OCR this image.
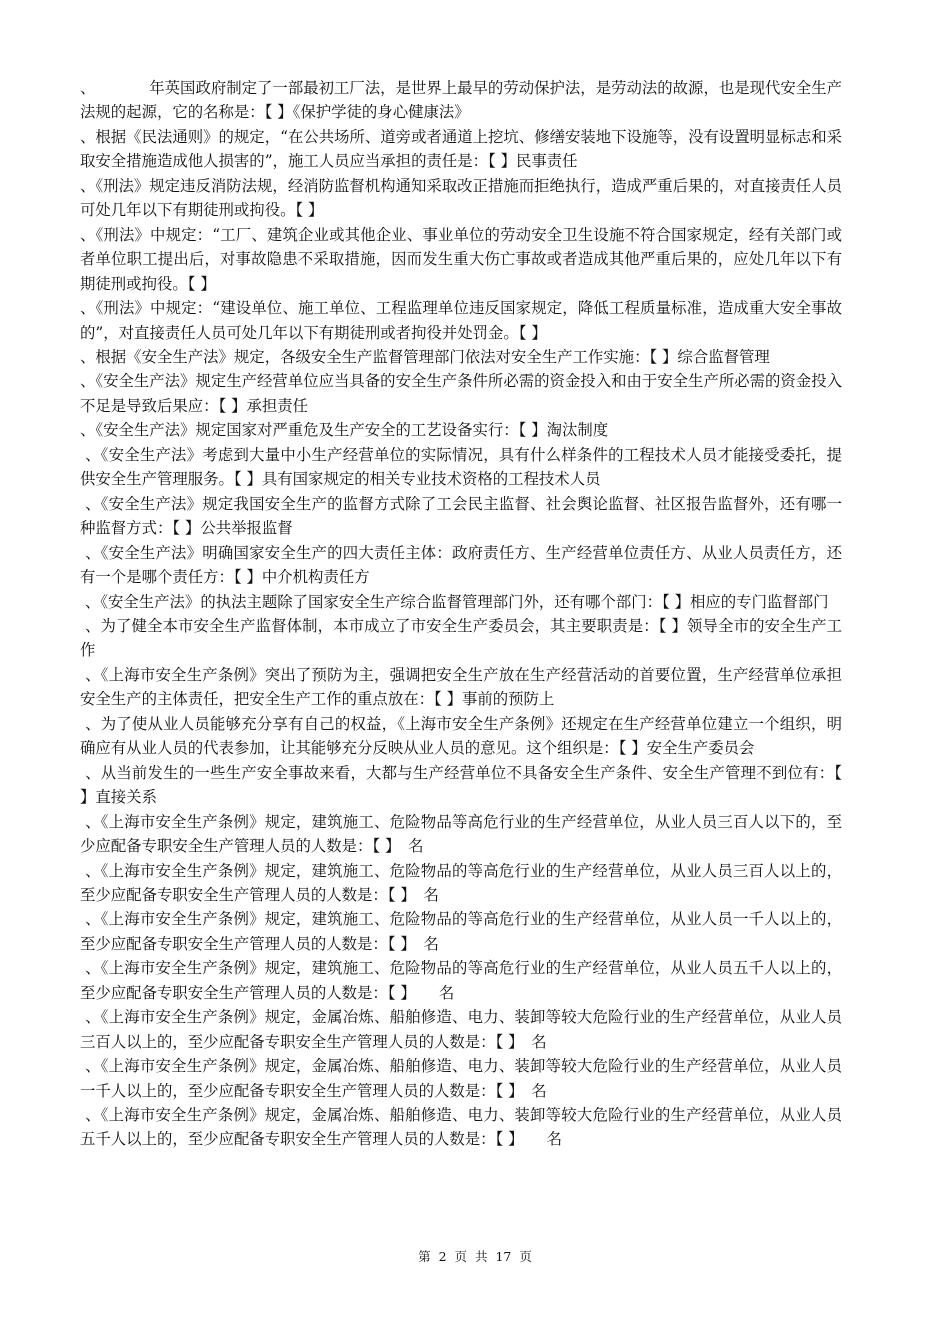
、　　　　年英国政府制定了一部最初工厂法，是世界上最早的劳动保护法，是劳动法的故源，也是现代安全生产法规的起源，它的名称是：【 】《保护学徒的身心健康法》

、根据《民法通则》的规定，“在公共场所、道旁或者通道上挖坑、修缮安装地下设施等，没有设置明显标志和采取安全措施造成他人损害的”，施工人员应当承担的责任是：【 】民事责任

、《刑法》规定违反消防法规，经消防监督机构通知采取改正措施而拒绝执行，造成严重后果的，对直接责任人员可处几年以下有期徒刑或拘役。【 】

、《刑法》中规定：“工厂、建筑企业或其他企业、事业单位的劳动安全卫生设施不符合国家规定，经有关部门或者单位职工提出后，对事故隐患不采取措施，因而发生重大伤亡事故或者造成其他严重后果的，应处几年以下有期徒刑或拘役。【 】

、《刑法》中规定：“建设单位、施工单位、工程监理单位违反国家规定，降低工程质量标准，造成重大安全事故的”，对直接责任人员可处几年以下有期徒刑或者拘役并处罚金。【 】

、根据《安全生产法》规定，各级安全生产监督管理部门依法对安全生产工作实施：【 】综合监督管理

、《安全生产法》规定生产经营单位应当具备的安全生产条件所必需的资金投入和由于安全生产所必需的资金投入不足是导致后果应：【 】承担责任

、《安全生产法》规定国家对严重危及生产安全的工艺设备实行：【 】淘汰制度

、《安全生产法》考虑到大量中小生产经营单位的实际情况，具有什么样条件的工程技术人员才能接受委托，提供安全生产管理服务。【 】具有国家规定的相关专业技术资格的工程技术人员

、《安全生产法》规定我国安全生产的监督方式除了工会民主监督、社会舆论监督、社区报告监督外，还有哪一种监督方式：【 】公共举报监督

、《安全生产法》明确国家安全生产的四大责任主体：政府责任方、生产经营单位责任方、从业人员责任方，还有一个是哪个责任方：【 】中介机构责任方

、《安全生产法》的执法主题除了国家安全生产综合监督管理部门外，还有哪个部门：【 】相应的专门监督部门

、为了健全本市安全生产监督体制，本市成立了市安全生产委员会，其主要职责是：【 】领导全市的安全生产工作

、《上海市安全生产条例》突出了预防为主，强调把安全生产放在生产经营活动的首要位置，生产经营单位承担安全生产的主体责任，把安全生产工作的重点放在：【 】事前的预防上

、为了使从业人员能够充分享有自己的权益，《上海市安全生产条例》还规定在生产经营单位建立一个组织，明确应有从业人员的代表参加，让其能够充分反映从业人员的意见。这个组织是：【 】安全生产委员会

、从当前发生的一些生产安全事故来看，大都与生产经营单位不具备安全生产条件、安全生产管理不到位有：【 】直接关系

、《上海市安全生产条例》规定，建筑施工、危险物品等高危行业的生产经营单位，从业人员三百人以下的，至少应配备专职安全生产管理人员的人数是：【 】　名

、《上海市安全生产条例》规定，建筑施工、危险物品的等高危行业的生产经营单位，从业人员三百人以上的，至少应配备专职安全生产管理人员的人数是：【 】　名

、《上海市安全生产条例》规定，建筑施工、危险物品的等高危行业的生产经营单位，从业人员一千人以上的，至少应配备专职安全生产管理人员的人数是：【 】　名

、《上海市安全生产条例》规定，建筑施工、危险物品的等高危行业的生产经营单位，从业人员五千人以上的，至少应配备专职安全生产管理人员的人数是：【 】　　名

、《上海市安全生产条例》规定，金属冶炼、船舶修造、电力、装卸等较大危险行业的生产经营单位，从业人员三百人以上的，至少应配备专职安全生产管理人员的人数是：【 】　名

、《上海市安全生产条例》规定，金属冶炼、船舶修造、电力、装卸等较大危险行业的生产经营单位，从业人员一千人以上的，至少应配备专职安全生产管理人员的人数是：【 】　名

、《上海市安全生产条例》规定，金属冶炼、船舶修造、电力、装卸等较大危险行业的生产经营单位，从业人员五千人以上的，至少应配备专职安全生产管理人员的人数是：【 】　　名

第 2 页 共 17 页
